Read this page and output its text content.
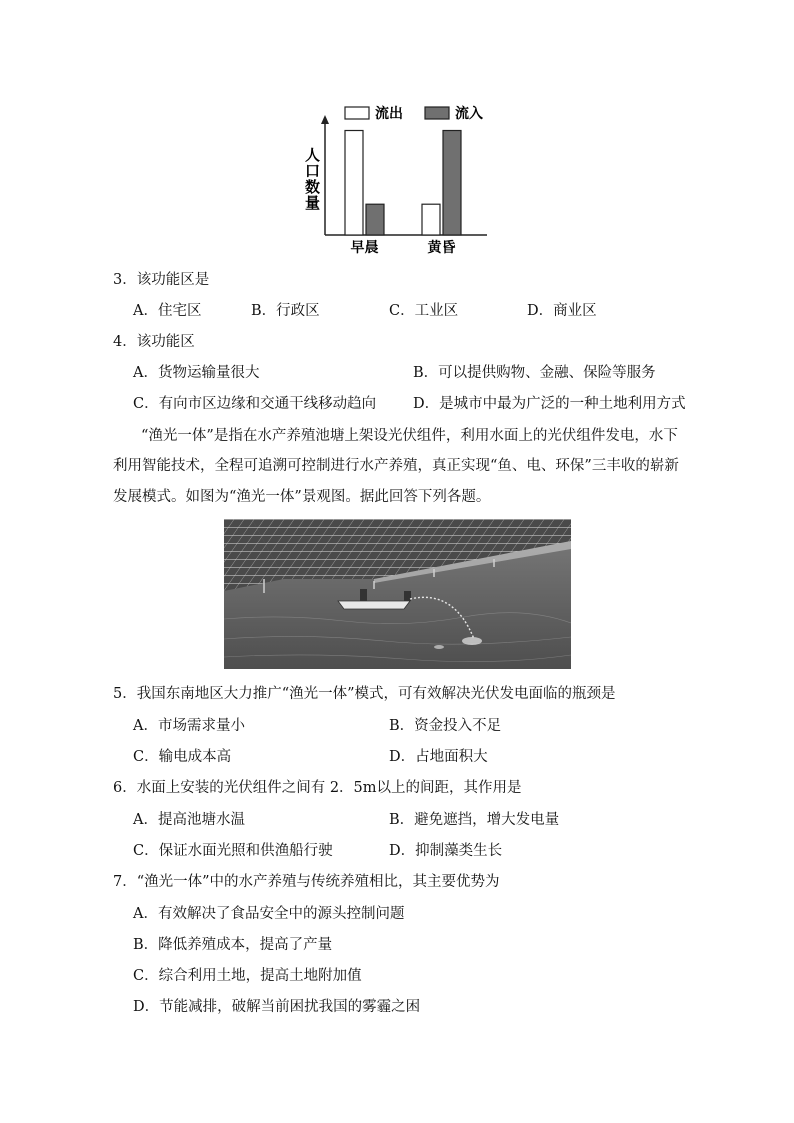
流出	流入
人
口
数
量
早晨	黄昏
3．该功能区是
A．住宅区	B．行政区	C．工业区	D．商业区
4．该功能区
A．货物运输量很大	B．可以提供购物、金融、保险等服务
C．有向市区边缘和交通干线移动趋向	D．是城市中最为广泛的一种土地利用方式
“渔光一体”是指在水产养殖池塘上架设光伏组件，利用水面上的光伏组件发电，水下
利用智能技术，全程可追溯可控制进行水产养殖，真正实现“鱼、电、环保”三丰收的崭新
发展模式。如图为“渔光一体”景观图。据此回答下列各题。
5．我国东南地区大力推广“渔光一体”模式，可有效解决光伏发电面临的瓶颈是
A．市场需求量小	B．资金投入不足
C．输电成本高	D．占地面积大
6．水面上安装的光伏组件之间有 2．5m以上的间距，其作用是
A．提高池塘水温	B．避免遮挡，增大发电量
C．保证水面光照和供渔船行驶	D．抑制藻类生长
7．“渔光一体”中的水产养殖与传统养殖相比，其主要优势为
A．有效解决了食品安全中的源头控制问题
B．降低养殖成本，提高了产量
C．综合利用土地，提高土地附加值
D．节能减排，破解当前困扰我国的雾霾之困
